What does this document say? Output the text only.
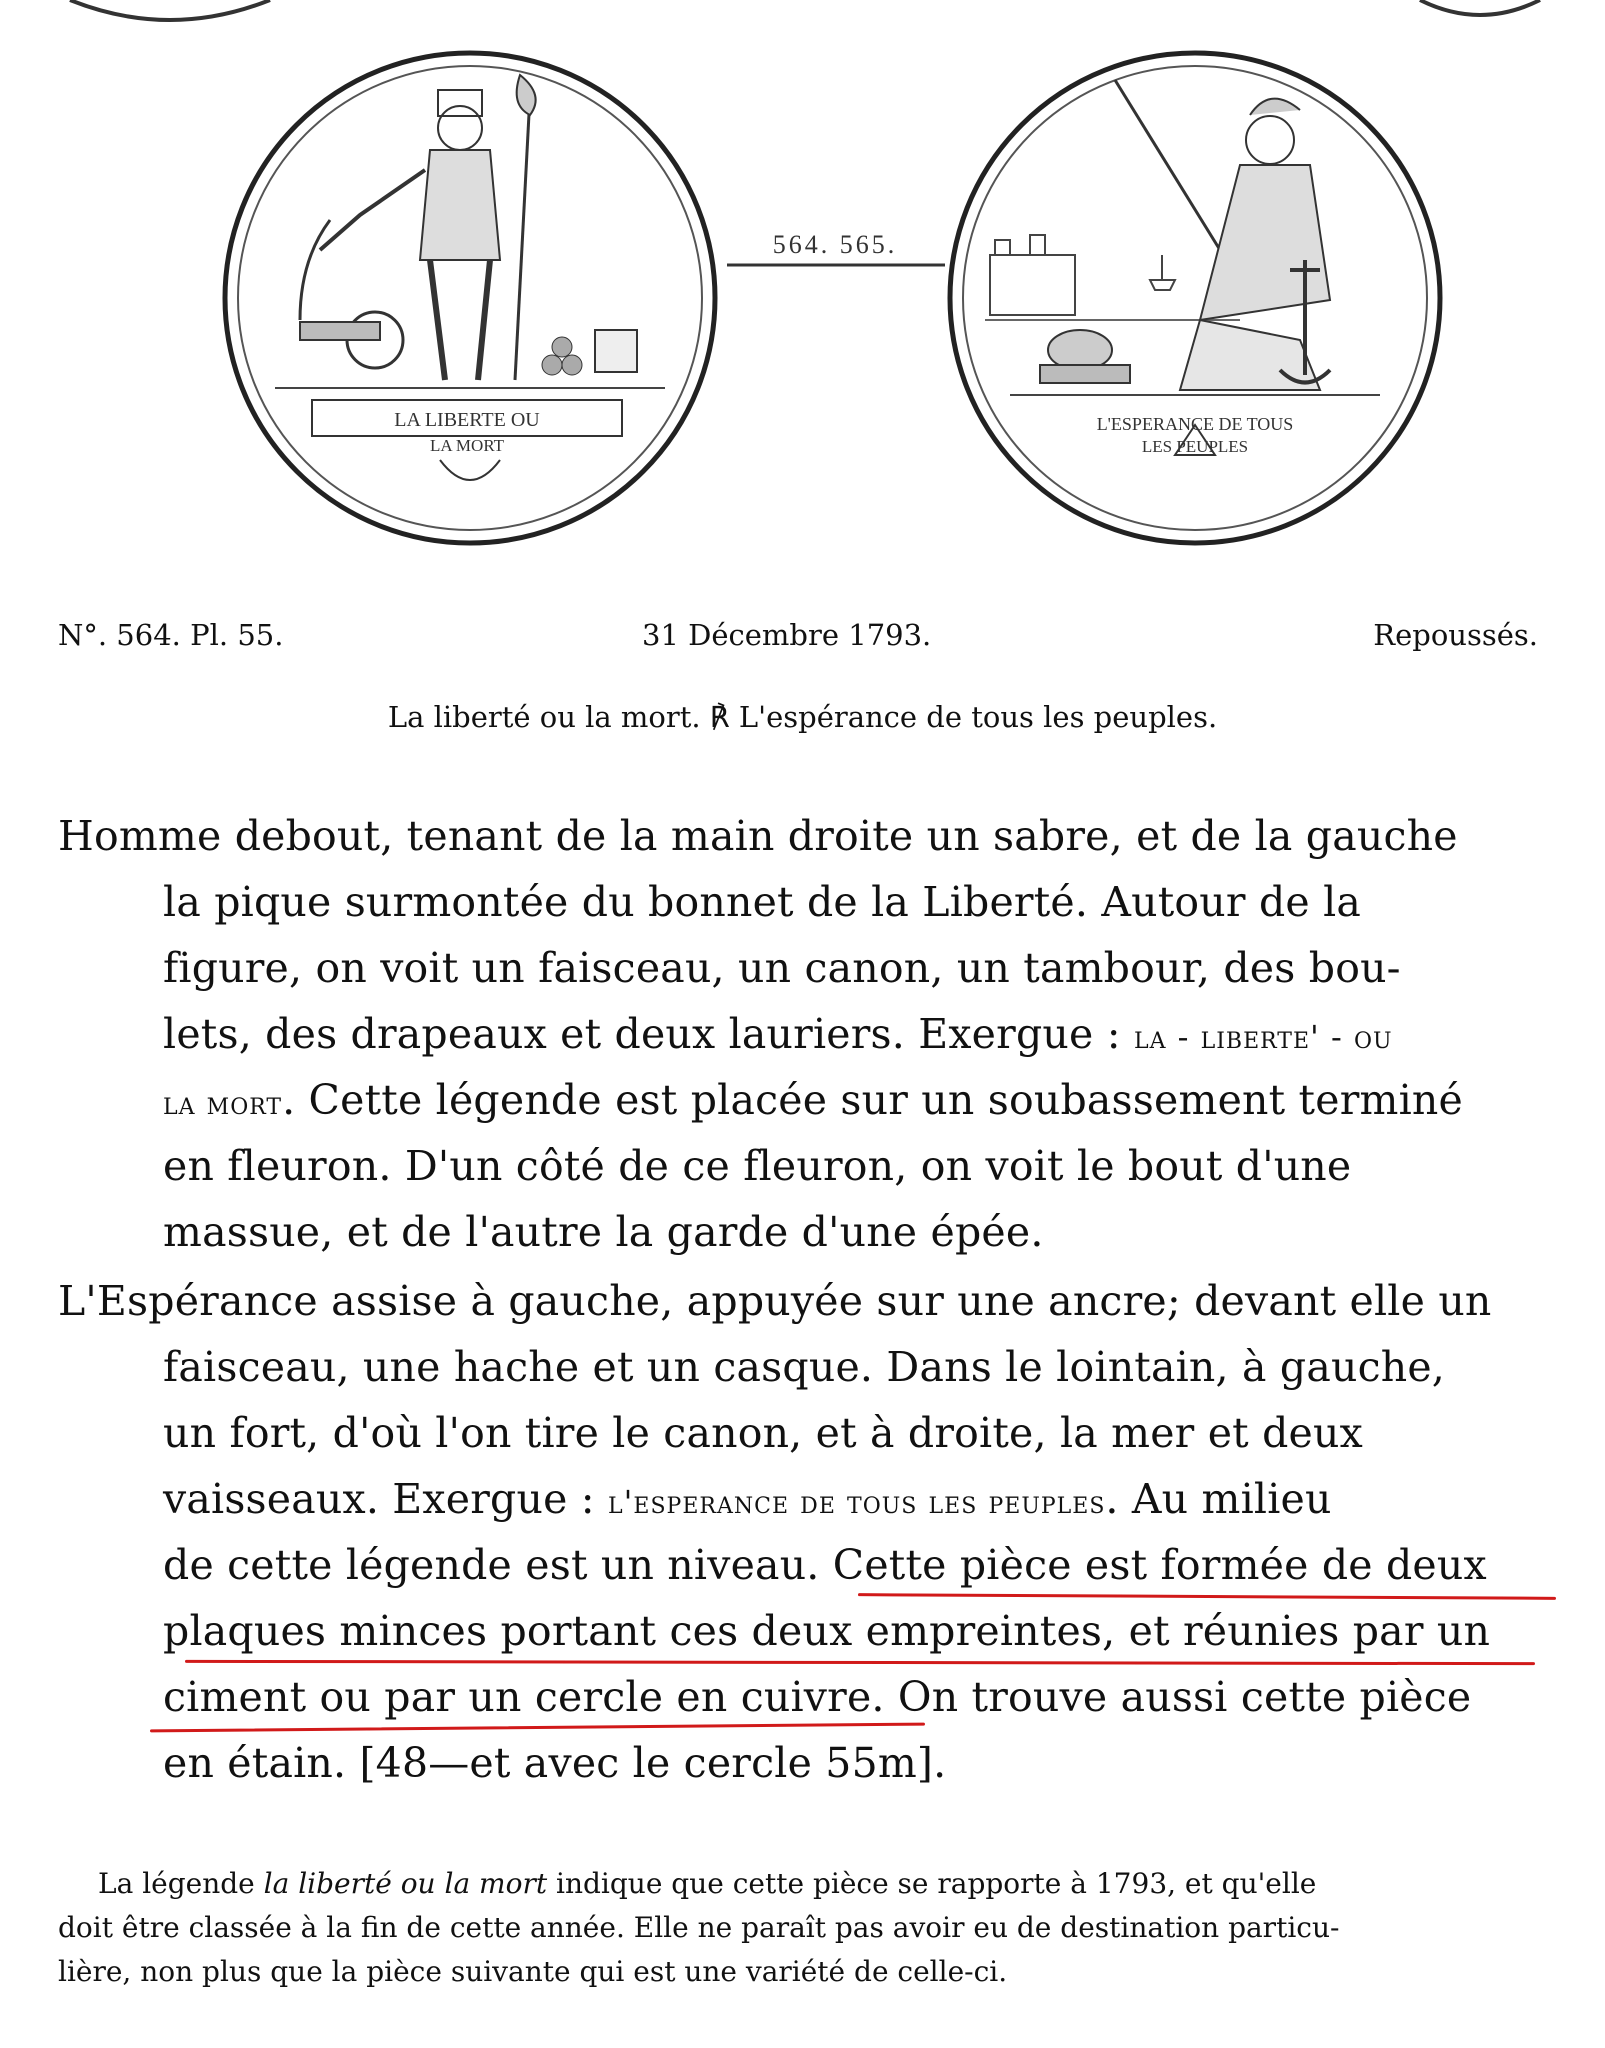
LA LIBERTE OU
LA MORT
564. 565.
L'ESPERANCE DE TOUS
LES PEUPLES
N°. 564. Pl. 55.	31 Décembre 1793.	Repoussés.
La liberté ou la mort. ℟ L'espérance de tous les peuples.
Homme debout, tenant de la main droite un sabre, et de la gauche
la pique surmontée du bonnet de la Liberté. Autour de la
figure, on voit un faisceau, un canon, un tambour, des bou-
lets, des drapeaux et deux lauriers. Exergue : la - liberte' - ou
la mort. Cette légende est placée sur un soubassement terminé
en fleuron. D'un côté de ce fleuron, on voit le bout d'une
massue, et de l'autre la garde d'une épée.
L'Espérance assise à gauche, appuyée sur une ancre; devant elle un
faisceau, une hache et un casque. Dans le lointain, à gauche,
un fort, d'où l'on tire le canon, et à droite, la mer et deux
vaisseaux. Exergue : l'esperance de tous les peuples. Au milieu
de cette légende est un niveau. Cette pièce est formée de deux
plaques minces portant ces deux empreintes, et réunies par un
ciment ou par un cercle en cuivre. On trouve aussi cette pièce
en étain. [48—et avec le cercle 55m].
La légende la liberté ou la mort indique que cette pièce se rapporte à 1793, et qu'elle
doit être classée à la fin de cette année. Elle ne paraît pas avoir eu de destination particu-
lière, non plus que la pièce suivante qui est une variété de celle-ci.
